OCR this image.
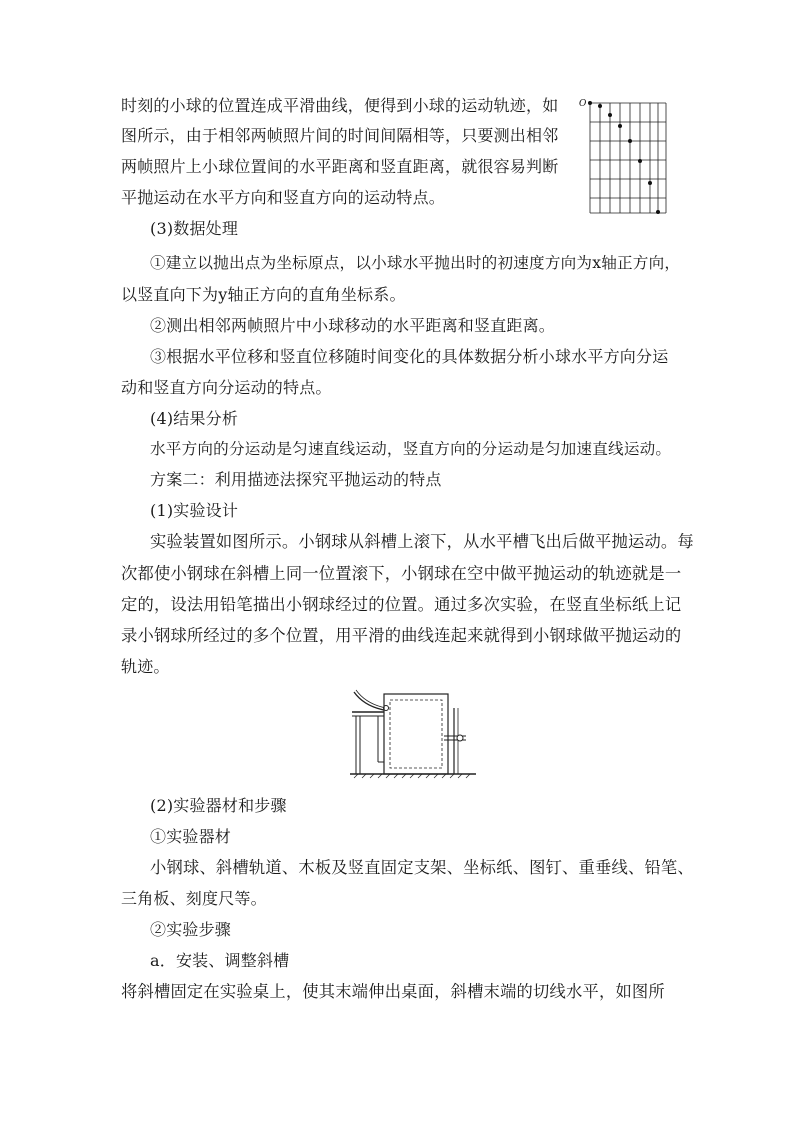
时刻的小球的位置连成平滑曲线，便得到小球的运动轨迹，如
图所示，由于相邻两帧照片间的时间间隔相等，只要测出相邻
两帧照片上小球位置间的水平距离和竖直距离，就很容易判断
平抛运动在水平方向和竖直方向的运动特点。
(3)数据处理
①建立以抛出点为坐标原点，以小球水平抛出时的初速度方向为x轴正方向，
以竖直向下为y轴正方向的直角坐标系。
②测出相邻两帧照片中小球移动的水平距离和竖直距离。
③根据水平位移和竖直位移随时间变化的具体数据分析小球水平方向分运
动和竖直方向分运动的特点。
(4)结果分析
水平方向的分运动是匀速直线运动，竖直方向的分运动是匀加速直线运动。
方案二：利用描迹法探究平抛运动的特点
(1)实验设计
实验装置如图所示。小钢球从斜槽上滚下，从水平槽飞出后做平抛运动。每
次都使小钢球在斜槽上同一位置滚下，小钢球在空中做平抛运动的轨迹就是一
定的，设法用铅笔描出小钢球经过的位置。通过多次实验，在竖直坐标纸上记
录小钢球所经过的多个位置，用平滑的曲线连起来就得到小钢球做平抛运动的
轨迹。
(2)实验器材和步骤
①实验器材
小钢球、斜槽轨道、木板及竖直固定支架、坐标纸、图钉、重垂线、铅笔、
三角板、刻度尺等。
②实验步骤
a．安装、调整斜槽
将斜槽固定在实验桌上，使其末端伸出桌面，斜槽末端的切线水平，如图所
O
